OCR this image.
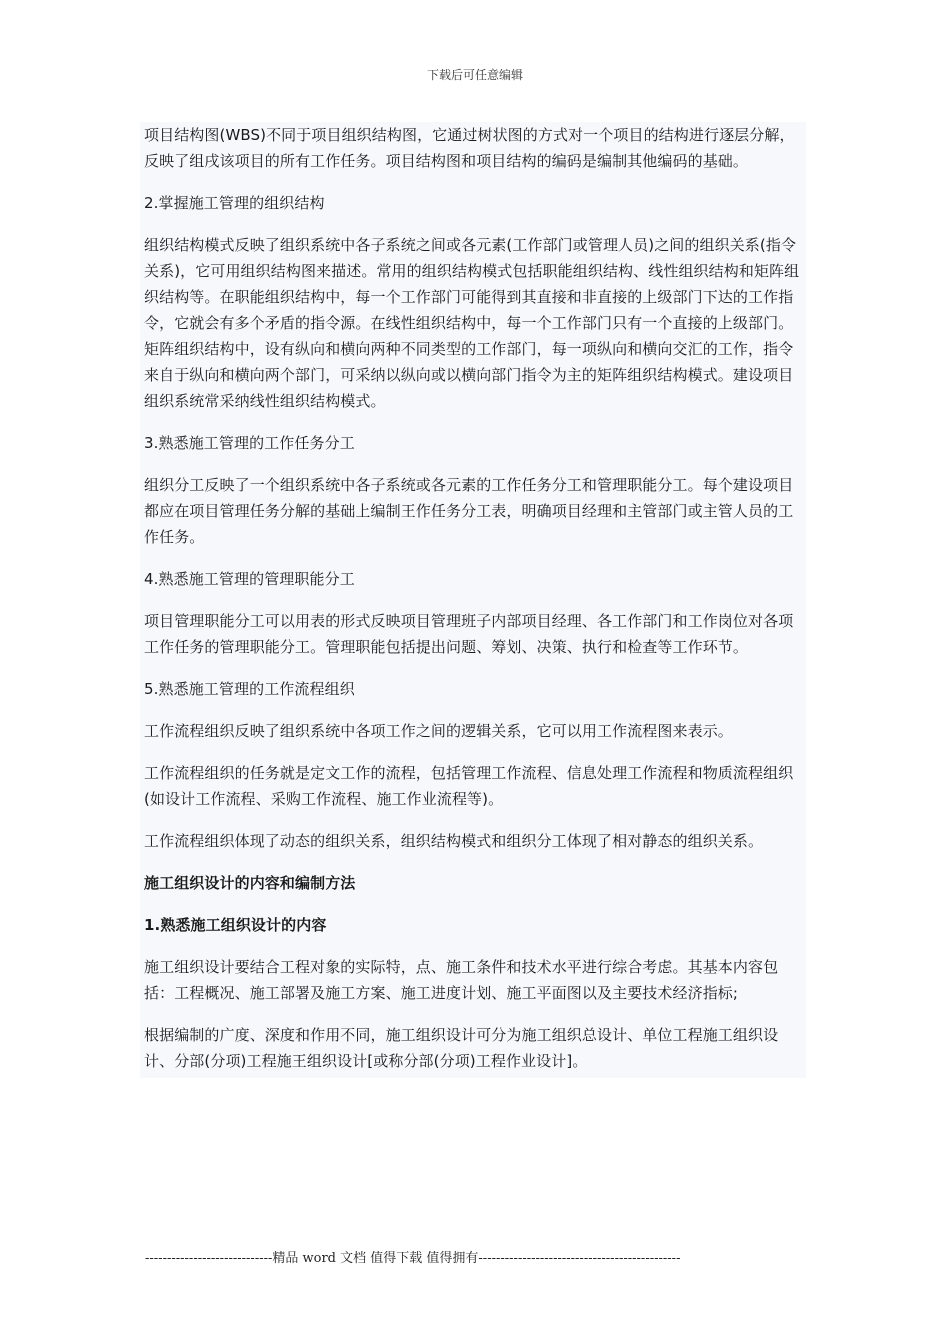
下载后可任意编辑

项目结构图(WBS)不同于项目组织结构图，它通过树状图的方式对一个项目的结构进行逐层分解，反映了组戌该项目的所有工作任务。项目结构图和项目结构的编码是编制其他编码的基础。

2.掌握施工管理的组织结构

组织结构模式反映了组织系统中各子系统之间或各元素(工作部门或管理人员)之间的组织关系(指令关系)，它可用组织结构图来描述。常用的组织结构模式包括职能组织结构、线性组织结构和矩阵组织结构等。在职能组织结构中，每一个工作部门可能得到其直接和非直接的上级部门下达的工作指令，它就会有多个矛盾的指令源。在线性组织结构中，每一个工作部门只有一个直接的上级部门。矩阵组织结构中，设有纵向和横向两种不同类型的工作部门，每一项纵向和横向交汇的工作，指令来自于纵向和横向两个部门，可采纳以纵向或以横向部门指令为主的矩阵组织结构模式。建设项目组织系统常采纳线性组织结构模式。

3.熟悉施工管理的工作任务分工

组织分工反映了一个组织系统中各子系统或各元素的工作任务分工和管理职能分工。每个建设项目都应在项目管理任务分解的基础上编制王作任务分工表，明确项目经理和主管部门或主管人员的工作任务。

4.熟悉施工管理的管理职能分工

项目管理职能分工可以用表的形式反映项目管理班子内部项目经理、各工作部门和工作岗位对各项工作任务的管理职能分工。管理职能包括提出问题、筹划、决策、执行和检查等工作环节。

5.熟悉施工管理的工作流程组织

工作流程组织反映了组织系统中各项工作之间的逻辑关系，它可以用工作流程图来表示。

工作流程组织的任务就是定文工作的流程，包括管理工作流程、信息处理工作流程和物质流程组织(如设计工作流程、采购工作流程、施工作业流程等)。

工作流程组织体现了动态的组织关系，组织结构模式和组织分工体现了相对静态的组织关系。

施工组织设计的内容和编制方法

1.熟悉施工组织设计的内容

施工组织设计要结合工程对象的实际特，点、施工条件和技术水平进行综合考虑。其基本内容包括：工程概况、施工部署及施工方案、施工进度计划、施工平面图以及主要技术经济指标;

根据编制的广度、深度和作用不同，施工组织设计可分为施工组织总设计、单位工程施工组织设计、分部(分项)工程施王组织设计[或称分部(分项)工程作业设计]。

-----------------------------精品 word 文档 值得下载 值得拥有----------------------------------------------
